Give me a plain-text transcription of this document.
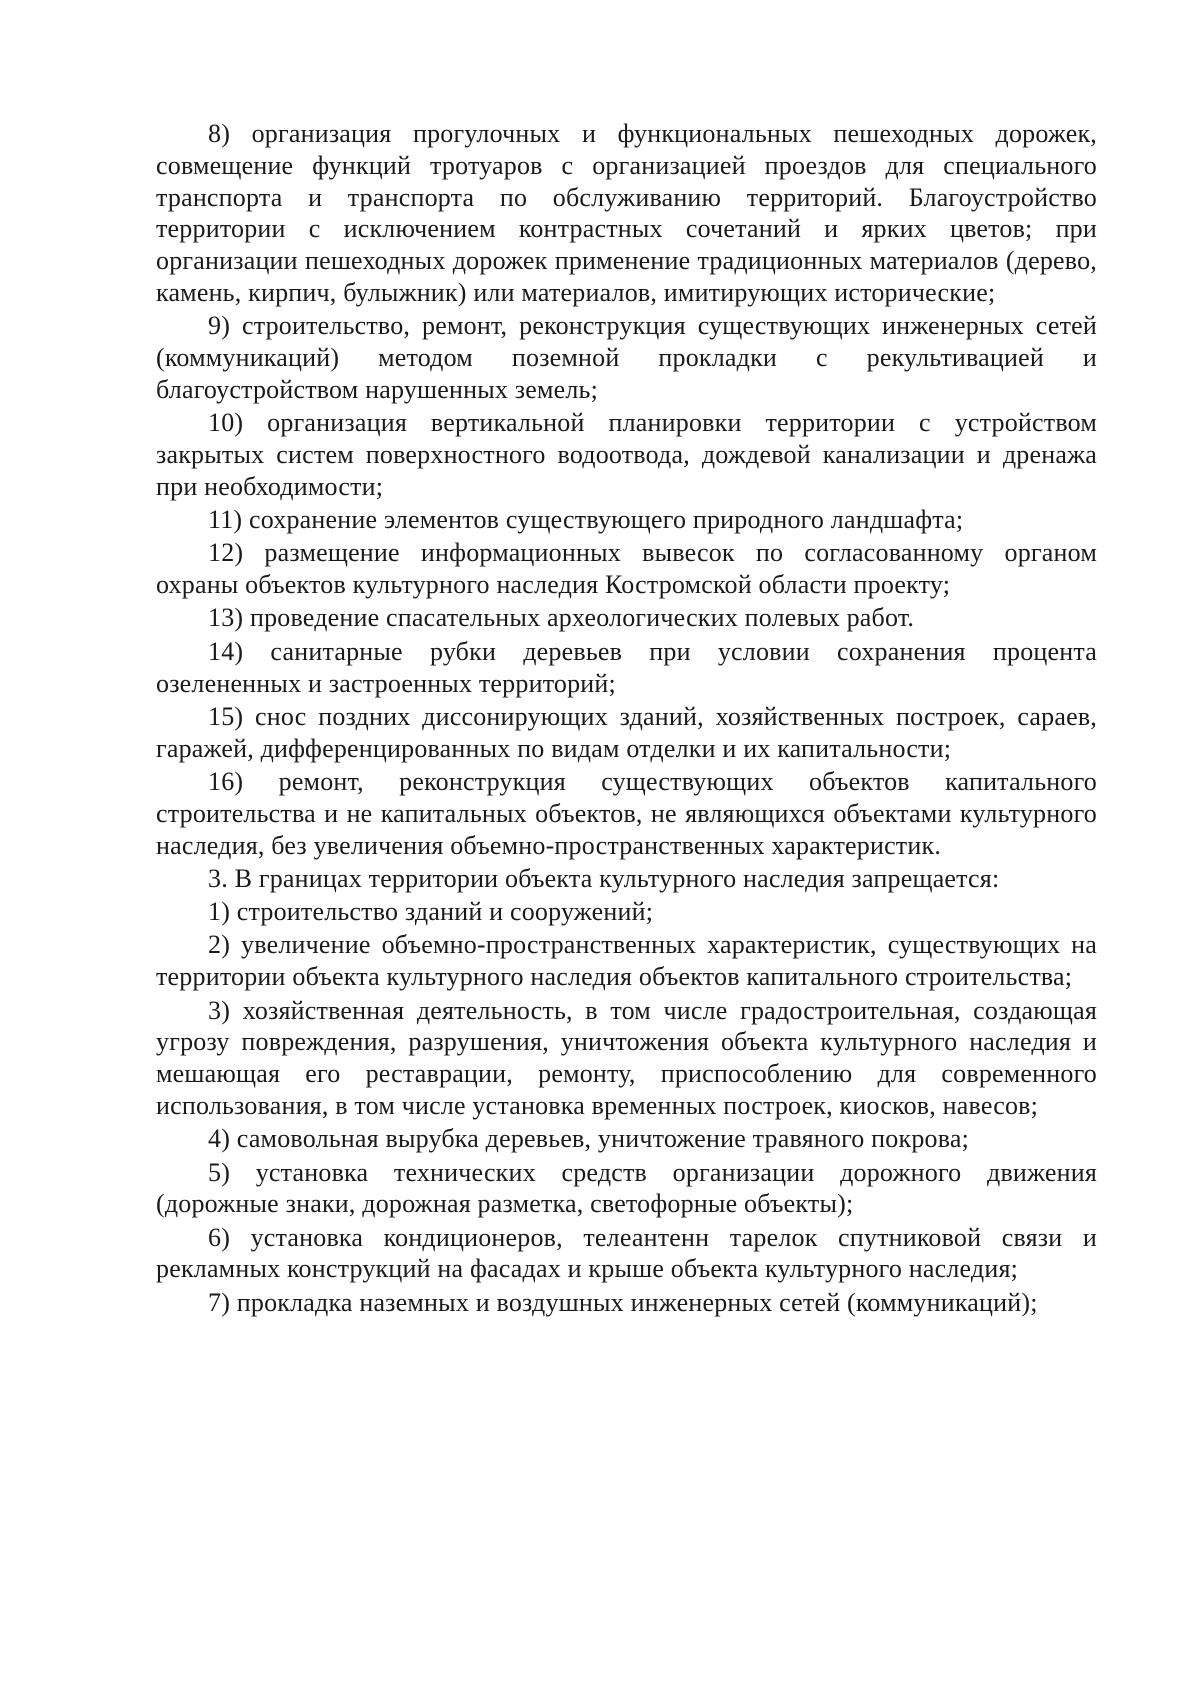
8) организация прогулочных и функциональных пешеходных дорожек, совмещение функций тротуаров с организацией проездов для специального транспорта и транспорта по обслуживанию территорий. Благоустройство территории с исключением контрастных сочетаний и ярких цветов; при организации пешеходных дорожек применение традиционных материалов (дерево, камень, кирпич, булыжник) или материалов, имитирующих исторические;

9) строительство, ремонт, реконструкция существующих инженерных сетей (коммуникаций) методом поземной прокладки с рекультивацией и благоустройством нарушенных земель;

10) организация вертикальной планировки территории с устройством закрытых систем поверхностного водоотвода, дождевой канализации и дренажа при необходимости;

11) сохранение элементов существующего природного ландшафта;

12) размещение информационных вывесок по согласованному органом охраны объектов культурного наследия Костромской области проекту;

13) проведение спасательных археологических полевых работ.

14) санитарные рубки деревьев при условии сохранения процента озелененных и застроенных территорий;

15) снос поздних диссонирующих зданий, хозяйственных построек, сараев, гаражей, дифференцированных по видам отделки и их капитальности;

16) ремонт, реконструкция существующих объектов капитального строительства и не капитальных объектов, не являющихся объектами культурного наследия, без увеличения объемно-пространственных характеристик.

3. В границах территории объекта культурного наследия запрещается:

1) строительство зданий и сооружений;

2) увеличение объемно-пространственных характеристик, существующих на территории объекта культурного наследия объектов капитального строительства;

3) хозяйственная деятельность, в том числе градостроительная, создающая угрозу повреждения, разрушения, уничтожения объекта культурного наследия и мешающая его реставрации, ремонту, приспособлению для современного использования, в том числе установка временных построек, киосков, навесов;

4) самовольная вырубка деревьев, уничтожение травяного покрова;

5) установка технических средств организации дорожного движения (дорожные знаки, дорожная разметка, светофорные объекты);

6) установка кондиционеров, телеантенн тарелок спутниковой связи и рекламных конструкций на фасадах и крыше объекта культурного наследия;

7) прокладка наземных и воздушных инженерных сетей (коммуникаций);
